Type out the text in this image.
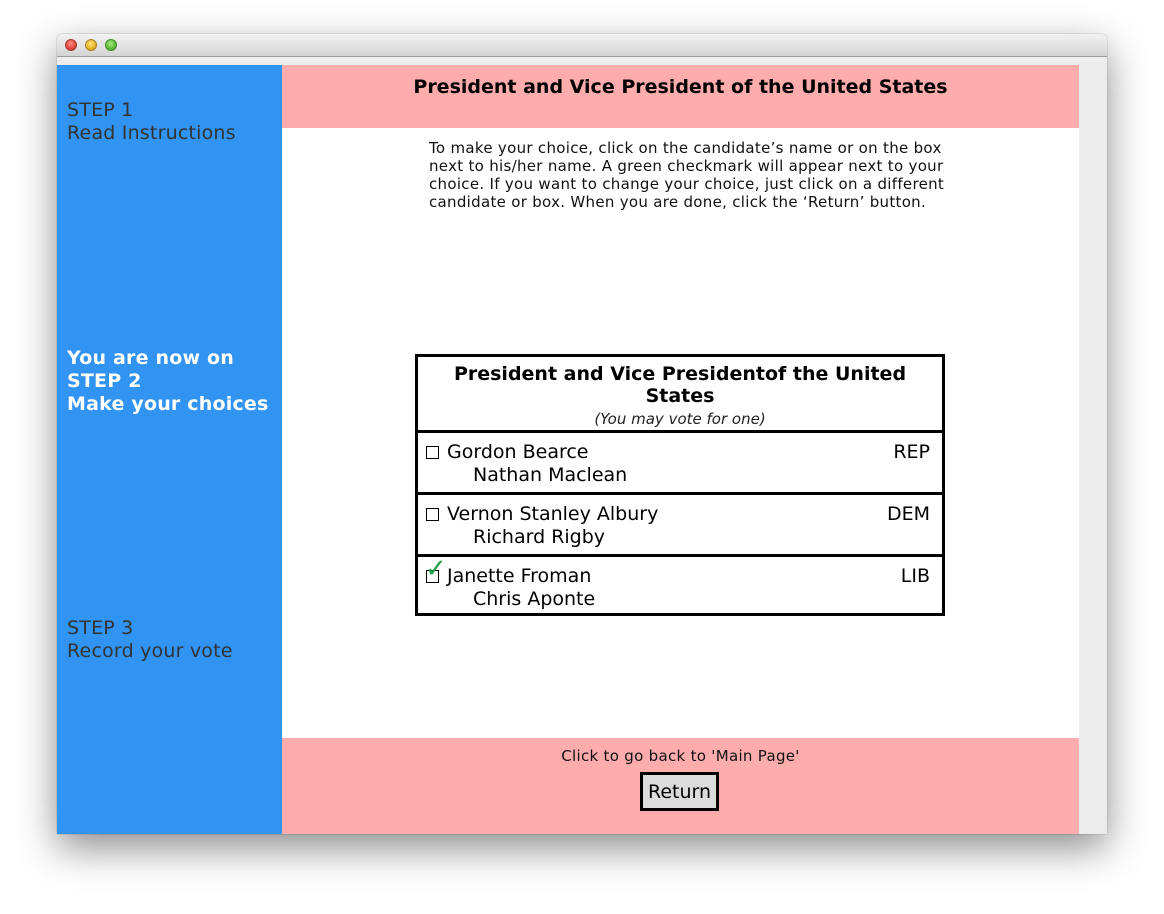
STEP 1
Read Instructions
You are now on
STEP 2
Make your choices
STEP 3
Record your vote
President and Vice President of the United States
To make your choice, click on the candidate’s name or on the box next to his/her name. A green checkmark will appear next to your choice. If you want to change your choice, just click on a different candidate or box. When you are done, click the ‘Return’ button.
President and Vice Presidentof the United States
(You may vote for one)
Gordon Bearce
Nathan Maclean
REP
Vernon Stanley Albury
Richard Rigby
DEM
✓ Janette Froman
Chris Aponte
LIB
Click to go back to 'Main Page'
Return
